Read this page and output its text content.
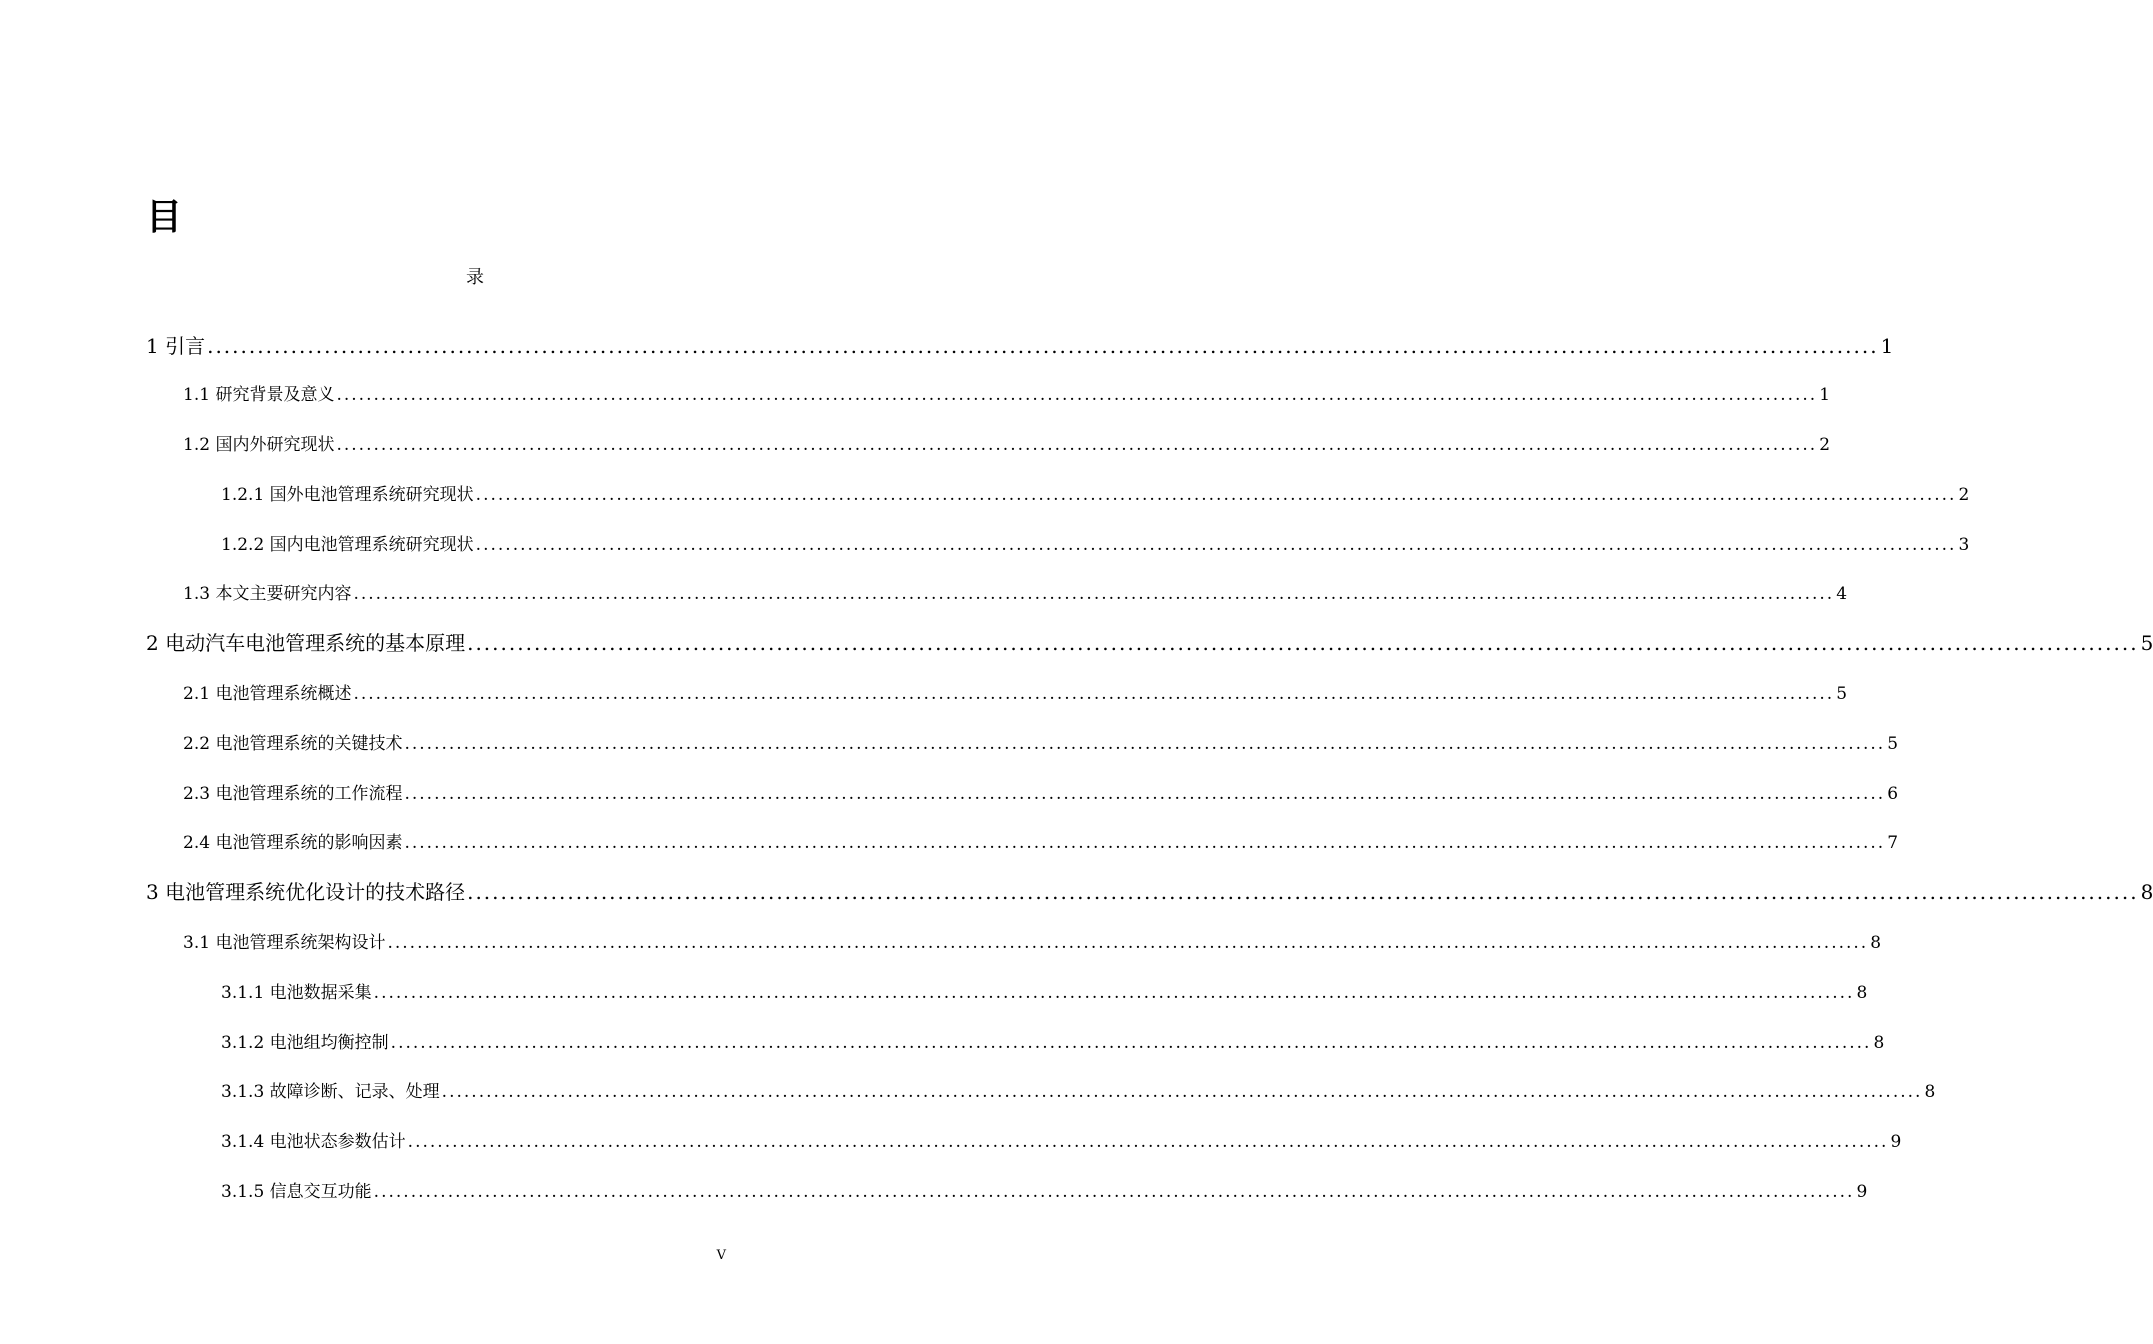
目
录
1 引言 ........................................................................................................................................................................................................ 1
1.1 研究背景及意义 ........................................................................................................................................................................................................ 1
1.2 国内外研究现状 ........................................................................................................................................................................................................ 2
1.2.1 国外电池管理系统研究现状 ........................................................................................................................................................................................................ 2
1.2.2 国内电池管理系统研究现状 ........................................................................................................................................................................................................ 3
1.3 本文主要研究内容 ........................................................................................................................................................................................................ 4
2 电动汽车电池管理系统的基本原理 ........................................................................................................................................................................................................ 5
2.1 电池管理系统概述 ........................................................................................................................................................................................................ 5
2.2 电池管理系统的关键技术 ........................................................................................................................................................................................................ 5
2.3 电池管理系统的工作流程 ........................................................................................................................................................................................................ 6
2.4 电池管理系统的影响因素 ........................................................................................................................................................................................................ 7
3 电池管理系统优化设计的技术路径 ........................................................................................................................................................................................................ 8
3.1 电池管理系统架构设计 ........................................................................................................................................................................................................ 8
3.1.1 电池数据采集 ........................................................................................................................................................................................................ 8
3.1.2 电池组均衡控制 ........................................................................................................................................................................................................ 8
3.1.3 故障诊断、记录、处理 ........................................................................................................................................................................................................ 8
3.1.4 电池状态参数估计 ........................................................................................................................................................................................................ 9
3.1.5 信息交互功能 ........................................................................................................................................................................................................ 9
V
